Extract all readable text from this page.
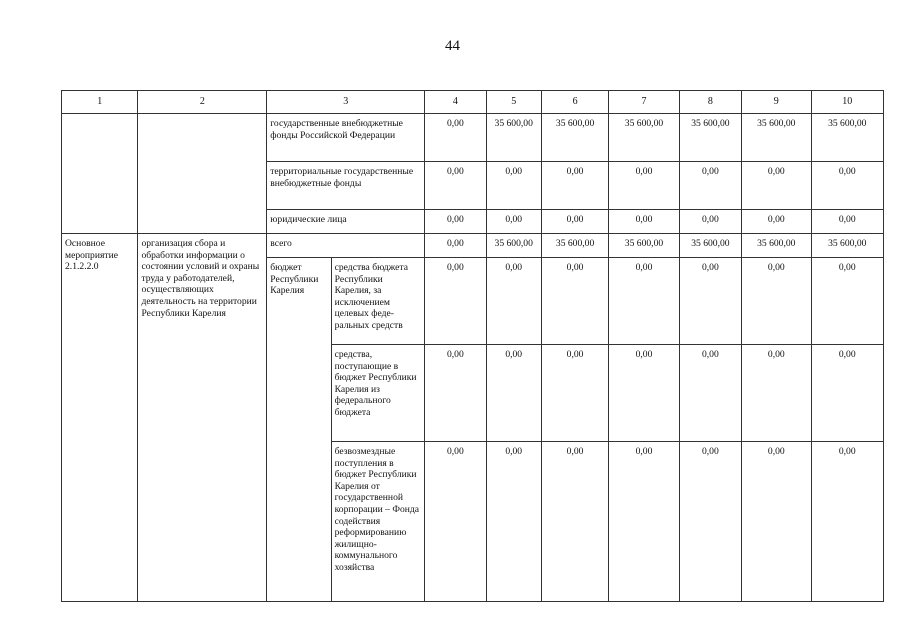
44
1	2	3		4	5	6	7	8	9	10
		государственные внебюджетные фонды Российской Федерации		0,00	35 600,00	35 600,00	35 600,00	35 600,00	35 600,00	35 600,00
		территориальные государственные внебюджетные фонды		0,00	0,00	0,00	0,00	0,00	0,00	0,00
		юридические лица		0,00	0,00	0,00	0,00	0,00	0,00	0,00
Основное мероприятие 2.1.2.2.0	организация сбора и обработки информации о состоянии условий и охраны труда у работодателей, осуществляющих деятельность на территории Республики Карелия	всего		0,00	35 600,00	35 600,00	35 600,00	35 600,00	35 600,00	35 600,00
		бюджет Республики Карелия	средства бюджета Республики Карелия, за исключением целевых феде-ральных средств	0,00	0,00	0,00	0,00	0,00	0,00	0,00
			средства, поступающие в бюджет Республики Карелия из федерального бюджета	0,00	0,00	0,00	0,00	0,00	0,00	0,00
			безвозмездные поступления в бюджет Республики Карелия от государственной корпорации – Фонда содействия реформированию жилищно-коммунального хозяйства	0,00	0,00	0,00	0,00	0,00	0,00	0,00
